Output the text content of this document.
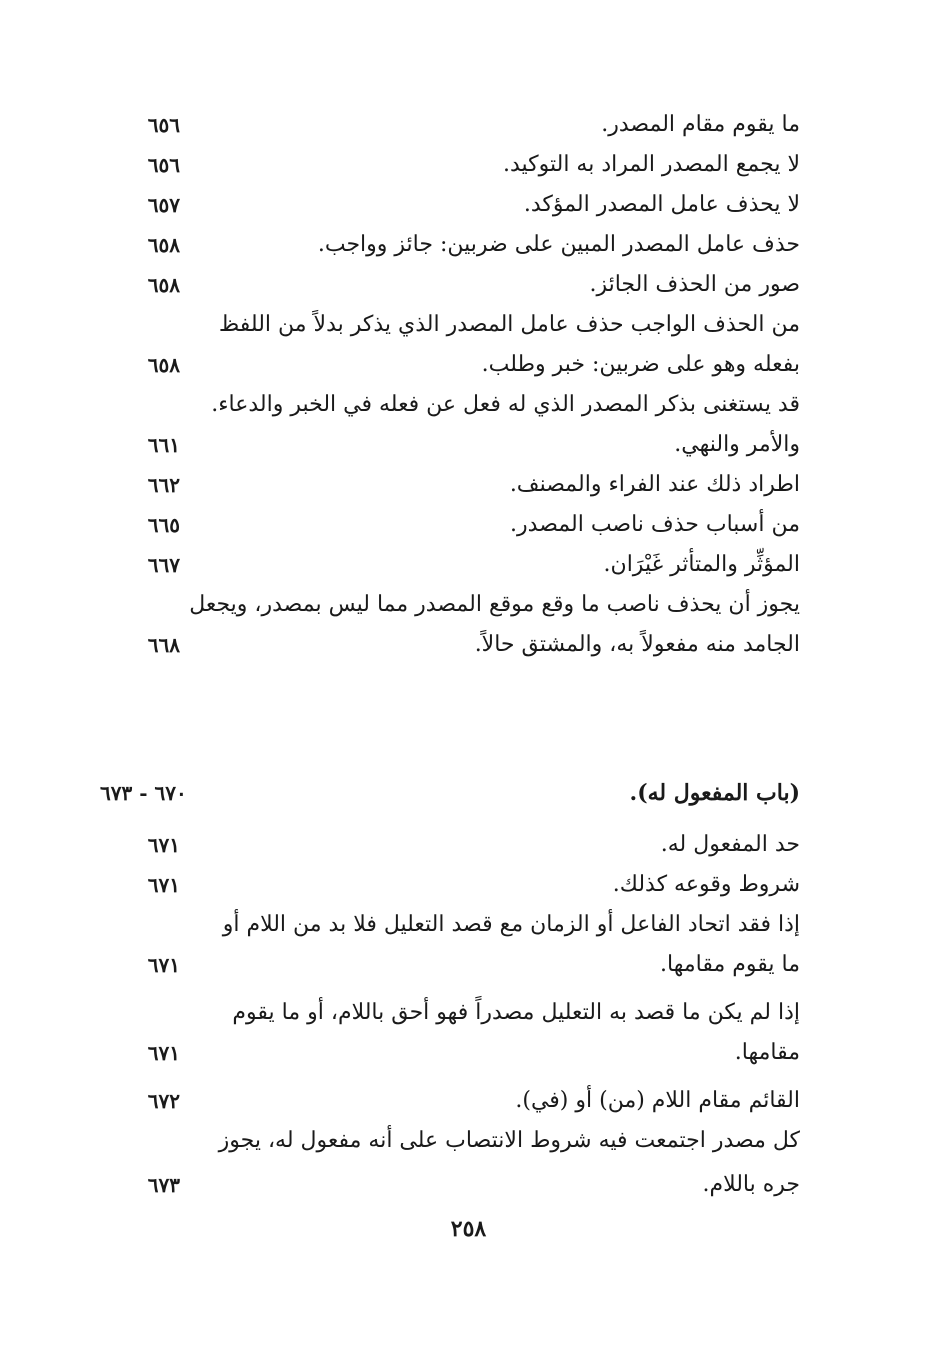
ما يقوم مقام المصدر.
٦٥٦
لا يجمع المصدر المراد به التوكيد.
٦٥٦
لا يحذف عامل المصدر المؤكد.
٦٥٧
حذف عامل المصدر المبين على ضربين: جائز وواجب.
٦٥٨
صور من الحذف الجائز.
٦٥٨
من الحذف الواجب حذف عامل المصدر الذي يذكر بدلاً من اللفظ
بفعله وهو على ضربين: خبر وطلب.
٦٥٨
قد يستغنى بذكر المصدر الذي له فعل عن فعله في الخبر والدعاء.
والأمر والنهي.
٦٦١
اطراد ذلك عند الفراء والمصنف.
٦٦٢
من أسباب حذف ناصب المصدر.
٦٦٥
المؤثِّر والمتأثر غَيْرَان.
٦٦٧
يجوز أن يحذف ناصب ما وقع موقع المصدر مما ليس بمصدر، ويجعل
الجامد منه مفعولاً به، والمشتق حالاً.
٦٦٨
(باب المفعول له).
٦٧٠ - ٦٧٣
حد المفعول له.
٦٧١
شروط وقوعه كذلك.
٦٧١
إذا فقد اتحاد الفاعل أو الزمان مع قصد التعليل فلا بد من اللام أو
ما يقوم مقامها.
٦٧١
إذا لم يكن ما قصد به التعليل مصدراً فهو أحق باللام، أو ما يقوم
مقامها.
٦٧١
القائم مقام اللام (من) أو (في).
٦٧٢
كل مصدر اجتمعت فيه شروط الانتصاب على أنه مفعول له، يجوز
جره باللام.
٦٧٣
٢٥٨
